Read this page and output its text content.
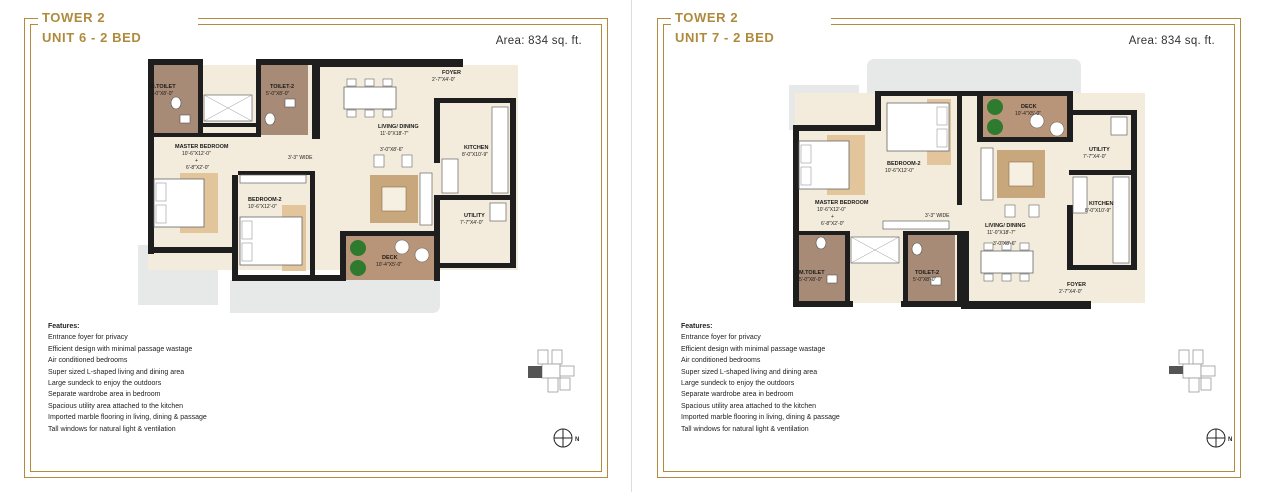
TOWER 2
UNIT 6 - 2 BED	Area: 834 sq. ft.
M.TOILET
5'-0"X8'-0"
TOILET-2
5'-0"X8'-0"
FOYER
2'-7"X4'-0"
LIVING/ DINING
11'-0"X18'-7"
3'-0"X8'-6"
MASTER BEDROOM
10'-6"X12'-0"
+
6'-8"X2'-0"
3'-3" WIDE
KITCHEN
8'-0"X10'-9"
BEDROOM-2
10'-6"X12'-0"
UTILITY
7'-7"X4'-0"
DECK
10'-4"X5'-0"
Features:
Entrance foyer for privacy
Efficient design with minimal passage wastage
Air conditioned bedrooms
Super sized L-shaped living and dining area
Large sundeck to enjoy the outdoors
Separate wardrobe area in bedroom
Spacious utility area attached to the kitchen
Imported marble flooring in living, dining & passage
Tall windows for natural light & ventilation
N
TOWER 2
UNIT 7 - 2 BED	Area: 834 sq. ft.
DECK
10'-4"X5'-0"
BEDROOM-2
10'-6"X12'-0"
UTILITY
7'-7"X4'-0"
MASTER BEDROOM
10'-6"X12'-0"
+
6'-8"X2'-0"
3'-3" WIDE
KITCHEN
8'-0"X10'-9"
LIVING/ DINING
11'-0"X18'-7"
3'-0"X8'-6"
M.TOILET
5'-0"X8'-0"
TOILET-2
5'-0"X8'-0"
FOYER
2'-7"X4'-0"
Features:
Entrance foyer for privacy
Efficient design with minimal passage wastage
Air conditioned bedrooms
Super sized L-shaped living and dining area
Large sundeck to enjoy the outdoors
Separate wardrobe area in bedroom
Spacious utility area attached to the kitchen
Imported marble flooring in living, dining & passage
Tall windows for natural light & ventilation
N
